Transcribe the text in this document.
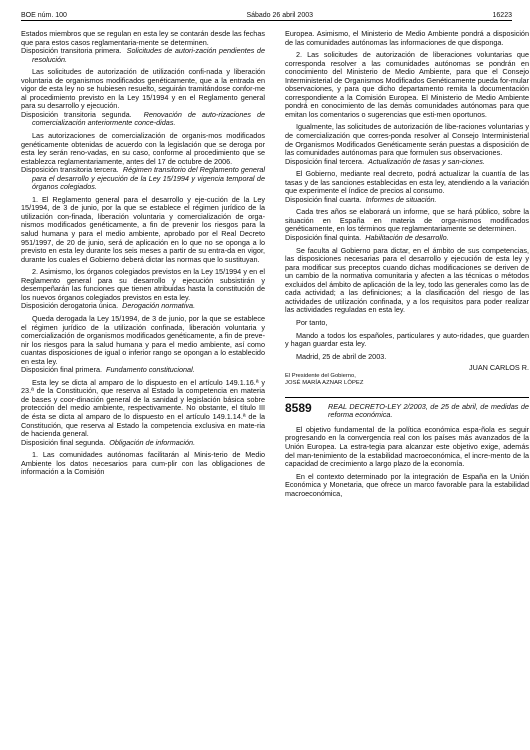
BOE núm. 100	Sábado 26 abril 2003	16223

Estados miembros que se regulan en esta ley se contarán desde las fechas que para estos casos reglamentaria-mente se determinen.

Disposición transitoria primera. Solicitudes de autori-zación pendientes de resolución.

Las solicitudes de autorización de utilización confi-nada y liberación voluntaria de organismos modificados genéticamente, que a la entrada en vigor de esta ley no se hubiesen resuelto, seguirán tramitándose confor-me al procedimiento previsto en la Ley 15/1994 y en el Reglamento general para su desarrollo y ejecución.

Disposición transitoria segunda. Renovación de auto-rizaciones de comercialización anteriormente conce-didas.

Las autorizaciones de comercialización de organis-mos modificados genéticamente obtenidas de acuerdo con la legislación que se deroga por esta ley serán reno-vadas, en su caso, conforme al procedimiento que se establezca reglamentariamente, antes del 17 de octubre de 2006.

Disposición transitoria tercera. Régimen transitorio del Reglamento general para el desarrollo y ejecución de la Ley 15/1994 y vigencia temporal de órganos colegiados.

1. El Reglamento general para el desarrollo y eje-cución de la Ley 15/1994, de 3 de junio, por la que se establece el régimen jurídico de la utilización con-finada, liberación voluntaria y comercialización de orga-nismos modificados genéticamente, a fin de prevenir los riesgos para la salud humana y para el medio ambiente, aprobado por el Real Decreto 951/1997, de 20 de junio, será de aplicación en lo que no se oponga a lo previsto en esta ley durante los seis meses a partir de su entra-da en vigor, durante los cuales el Gobierno deberá dictar las normas que lo sustituyan.

2. Asimismo, los órganos colegiados previstos en la Ley 15/1994 y en el Reglamento general para su desarrollo y ejecución subsistirán y desempeñarán las funciones que tienen atribuidas hasta la constitución de los nuevos órganos colegiados previstos en esta ley.

Disposición derogatoria única. Derogación normativa.

Queda derogada la Ley 15/1994, de 3 de junio, por la que se establece el régimen jurídico de la utilización confinada, liberación voluntaria y comercialización de organismos modificados genéticamente, a fin de preve-nir los riesgos para la salud humana y para el medio ambiente, así como cuantas disposiciones de igual o inferior rango se opongan a lo establecido en esta ley.

Disposición final primera. Fundamento constitucional.

Esta ley se dicta al amparo de lo dispuesto en el artículo 149.1.16.ª y 23.ª de la Constitución, que reserva al Estado la competencia en materia de bases y coor-dinación general de la sanidad y legislación básica sobre protección del medio ambiente, respectivamente. No obstante, el título III de ésta se dicta al amparo de lo dispuesto en el artículo 149.1.14.ª de la Constitución, que reserva al Estado la competencia exclusiva en mate-ria de hacienda general.

Disposición final segunda. Obligación de información.

1. Las comunidades autónomas facilitarán al Minis-terio de Medio Ambiente los datos necesarios para cum-plir con las obligaciones de información a la Comisión

Europea. Asimismo, el Ministerio de Medio Ambiente pondrá a disposición de las comunidades autónomas las informaciones de que disponga.

2. Las solicitudes de autorización de liberaciones voluntarias que corresponda resolver a las comunidades autónomas se pondrán en conocimiento del Ministerio de Medio Ambiente, para que el Consejo Interministerial de Organismos Modificados Genéticamente pueda for-mular observaciones, y para que dicho departamento remita la documentación correspondiente a la Comisión Europea. El Ministerio de Medio Ambiente pondrá en conocimiento de las demás comunidades autónomas para que emitan los comentarios o sugerencias que esti-men oportunos.

Igualmente, las solicitudes de autorización de libe-raciones voluntarias y de comercialización que corres-ponda resolver al Consejo Interministerial de Organismos Modificados Genéticamente serán puestas a disposición de las comunidades autónomas para que formulen sus observaciones.

Disposición final tercera. Actualización de tasas y san-ciones.

El Gobierno, mediante real decreto, podrá actualizar la cuantía de las tasas y de las sanciones establecidas en esta ley, atendiendo a la variación que experimente el índice de precios al consumo.

Disposición final cuarta. Informes de situación.

Cada tres años se elaborará un informe, que se hará público, sobre la situación en España en materia de orga-nismos modificados genéticamente, en los términos que reglamentariamente se determinen.

Disposición final quinta. Habilitación de desarrollo.

Se faculta al Gobierno para dictar, en el ámbito de sus competencias, las disposiciones necesarias para el desarrollo y ejecución de esta ley y para modificar sus preceptos cuando dichas modificaciones se deriven de un cambio de la normativa comunitaria y afecten a las técnicas o métodos excluidos del ámbito de aplicación de la ley, todo las generales como las de cada actividad; a las definiciones; a la clasificación del riesgo de las actividades de utilización confinada, y a los requisitos para poder realizar las actividades reguladas en esta ley.

Por tanto,

Mando a todos los españoles, particulares y auto-ridades, que guarden y hagan guardar esta ley.

Madrid, 25 de abril de 2003.

JUAN CARLOS R.

El Presidente del Gobierno,

JOSÉ MARÍA AZNAR LÓPEZ

8589	REAL DECRETO-LEY 2/2003, de 25 de abril, de medidas de reforma económica.

El objetivo fundamental de la política económica espa-ñola es seguir progresando en la convergencia real con los países más avanzados de la Unión Europea. La estra-tegia para alcanzar este objetivo exige, además del man-tenimiento de la estabilidad macroeconómica, el incre-mento de la capacidad de crecimiento a largo plazo de la economía.

En el contexto determinado por la integración de España en la Unión Económica y Monetaria, que ofrece un marco favorable para la estabilidad macroeconómica,
